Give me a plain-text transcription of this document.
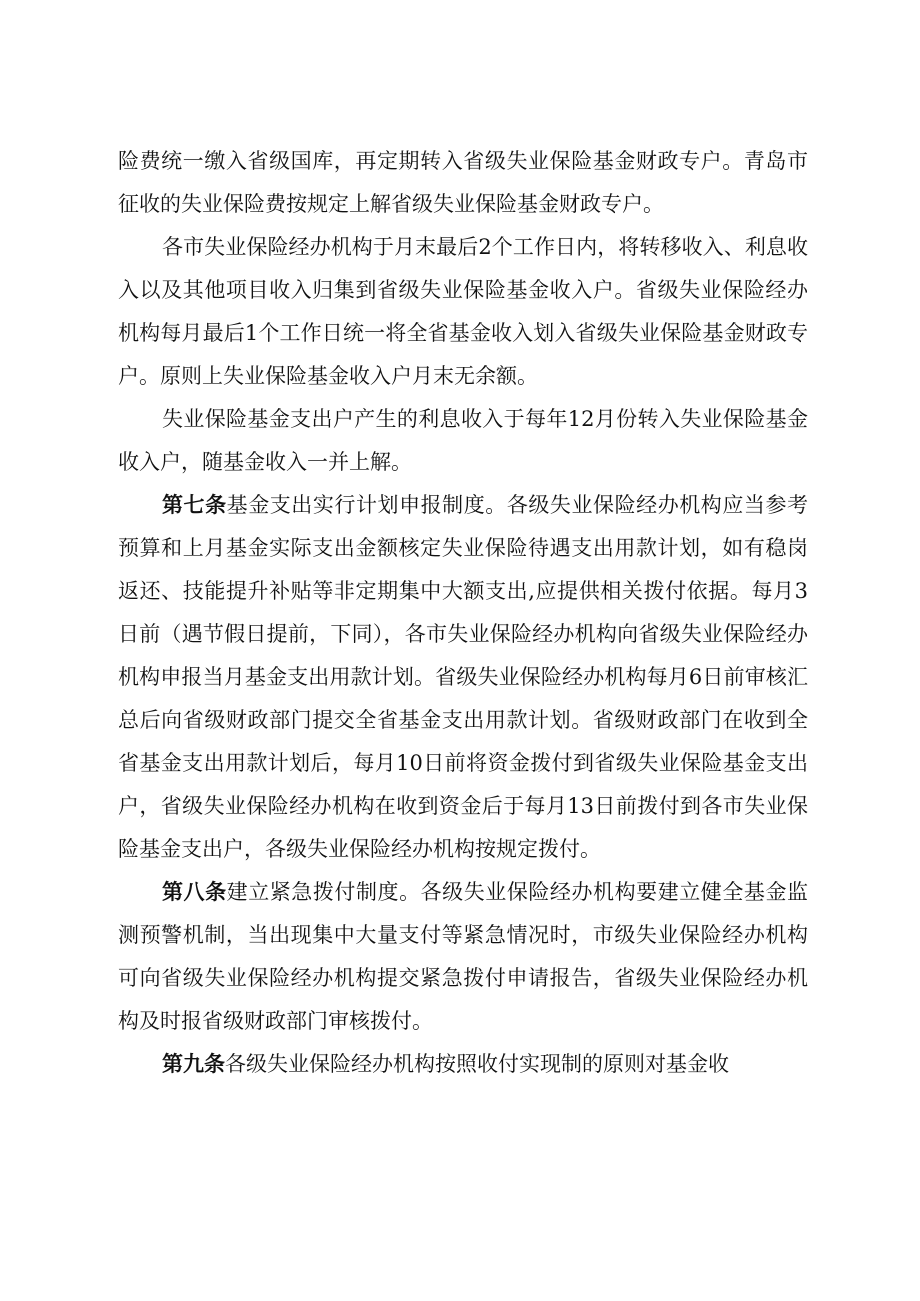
险费统一缴入省级国库，再定期转入省级失业保险基金财政专户。青岛市征收的失业保险费按规定上解省级失业保险基金财政专户。

各市失业保险经办机构于月末最后2个工作日内，将转移收入、利息收入以及其他项目收入归集到省级失业保险基金收入户。省级失业保险经办机构每月最后1个工作日统一将全省基金收入划入省级失业保险基金财政专户。原则上失业保险基金收入户月末无余额。

失业保险基金支出户产生的利息收入于每年12月份转入失业保险基金收入户，随基金收入一并上解。

第七条基金支出实行计划申报制度。各级失业保险经办机构应当参考预算和上月基金实际支出金额核定失业保险待遇支出用款计划，如有稳岗返还、技能提升补贴等非定期集中大额支出,应提供相关拨付依据。每月3日前（遇节假日提前，下同），各市失业保险经办机构向省级失业保险经办机构申报当月基金支出用款计划。省级失业保险经办机构每月6日前审核汇总后向省级财政部门提交全省基金支出用款计划。省级财政部门在收到全省基金支出用款计划后，每月10日前将资金拨付到省级失业保险基金支出户，省级失业保险经办机构在收到资金后于每月13日前拨付到各市失业保险基金支出户，各级失业保险经办机构按规定拨付。

第八条建立紧急拨付制度。各级失业保险经办机构要建立健全基金监测预警机制，当出现集中大量支付等紧急情况时，市级失业保险经办机构可向省级失业保险经办机构提交紧急拨付申请报告，省级失业保险经办机构及时报省级财政部门审核拨付。

第九条各级失业保险经办机构按照收付实现制的原则对基金收
